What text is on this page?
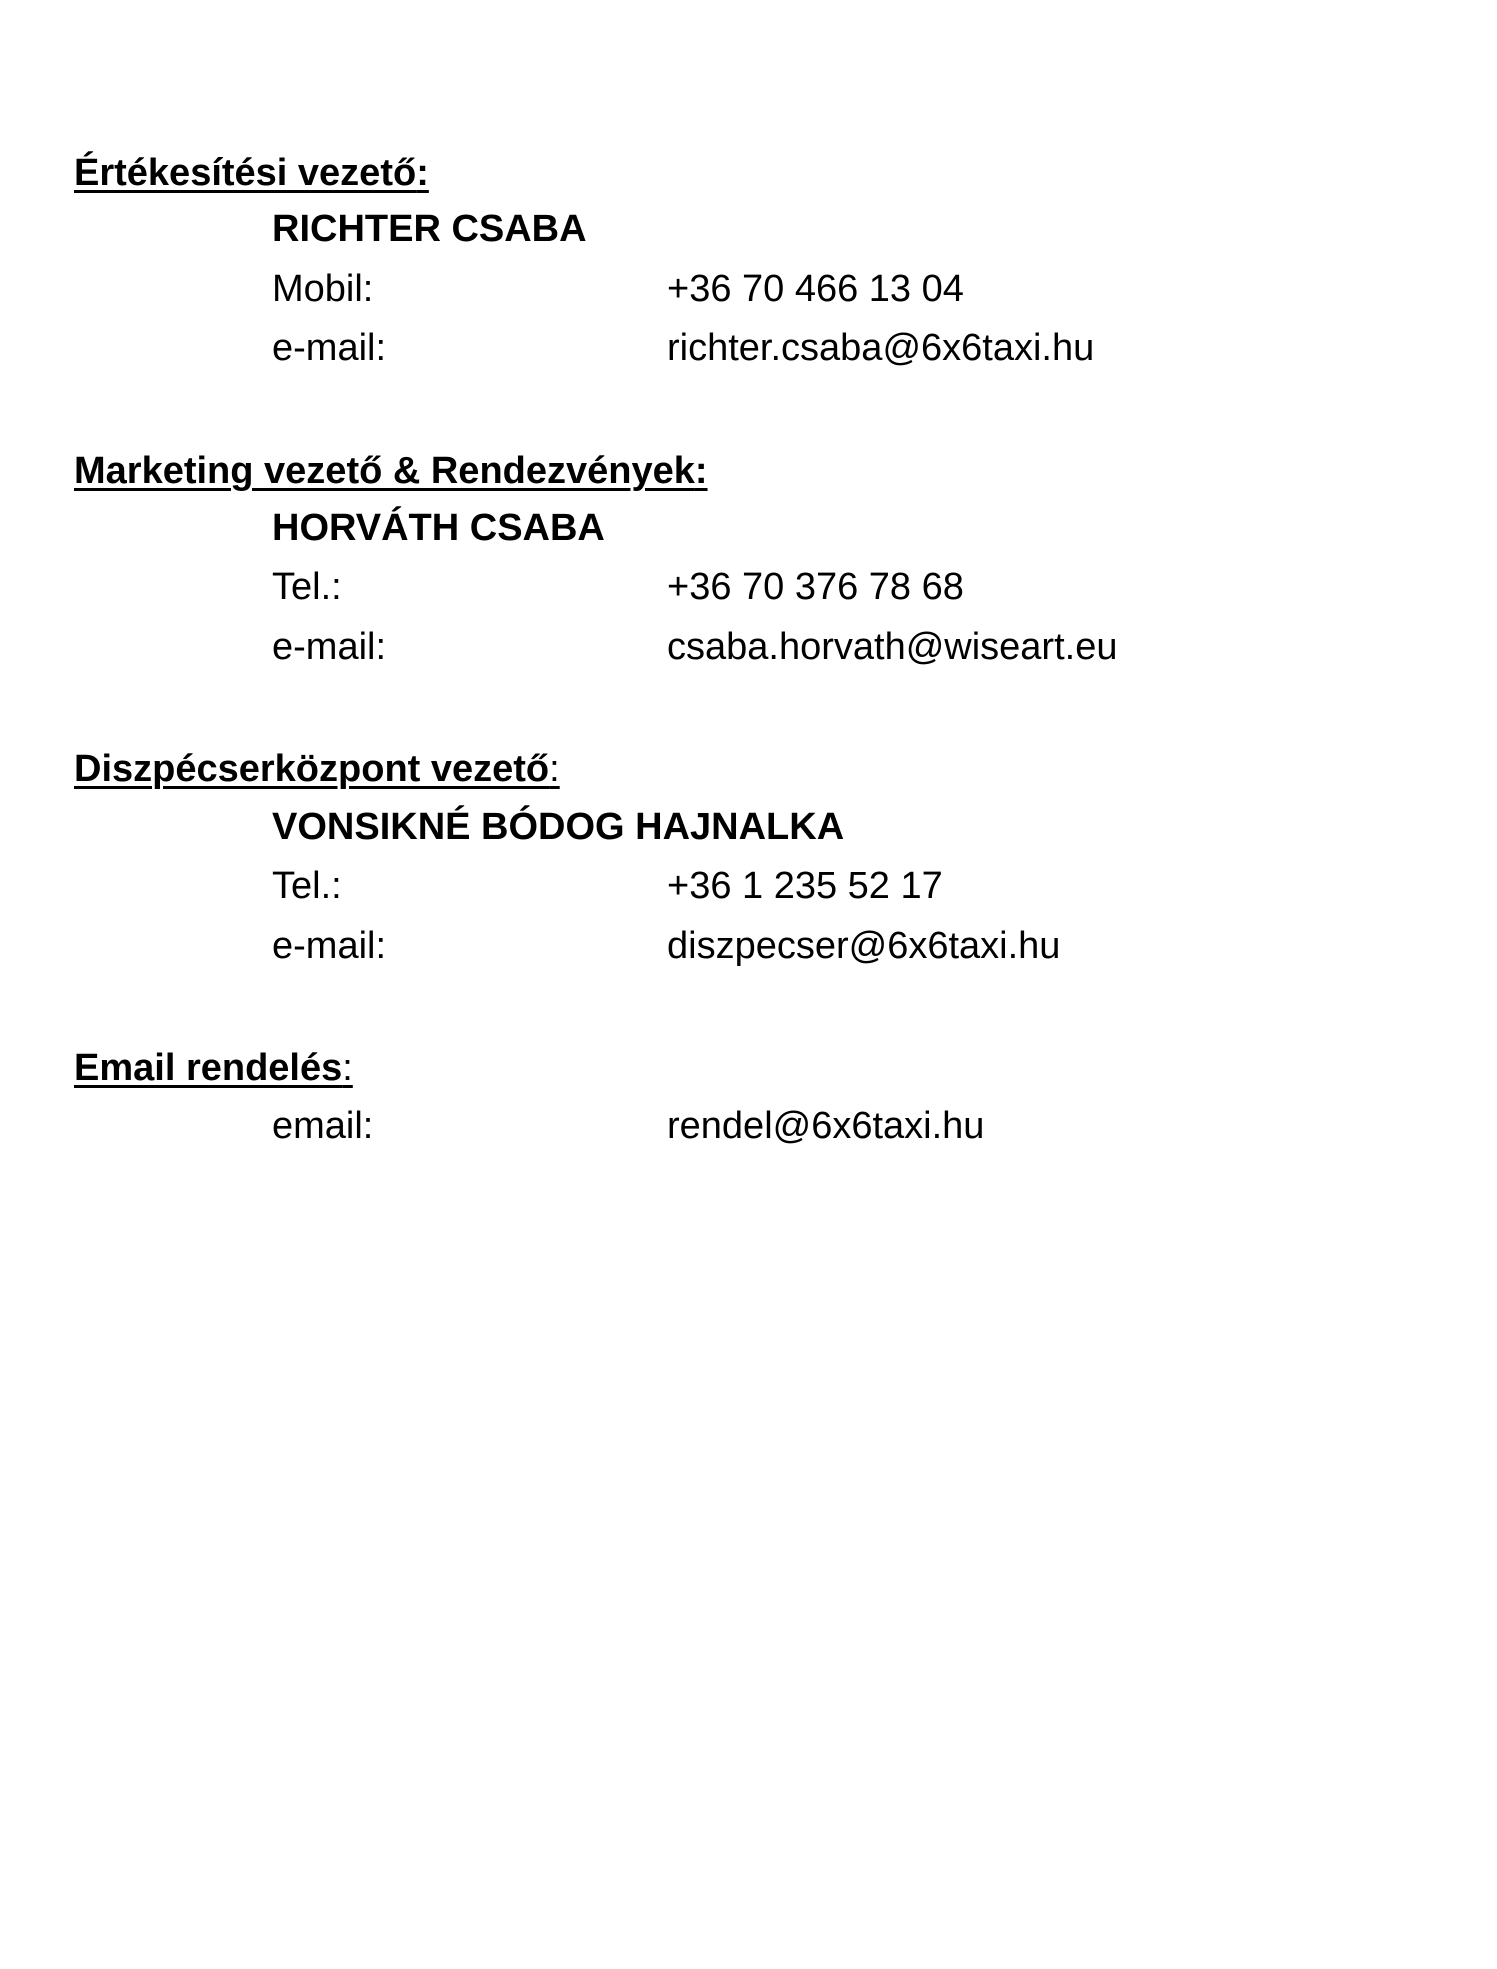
Értékesítési vezető:
RICHTER CSABA
Mobil:	+36 70 466 13 04
e-mail:	richter.csaba@6x6taxi.hu
Marketing vezető & Rendezvények:
HORVÁTH CSABA
Tel.:	+36 70 376 78 68
e-mail:	csaba.horvath@wiseart.eu
Diszpécserközpont vezető:
VONSIKNÉ BÓDOG HAJNALKA
Tel.:	+36 1 235 52 17
e-mail:	diszpecser@6x6taxi.hu
Email rendelés:
email:	rendel@6x6taxi.hu
